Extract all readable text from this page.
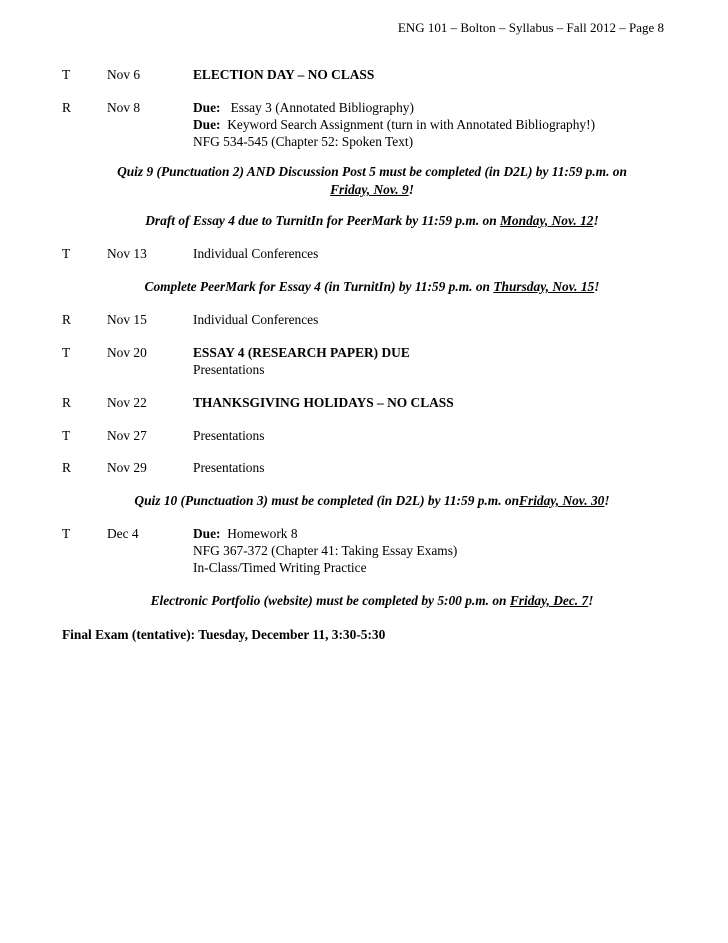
ENG 101 – Bolton – Syllabus – Fall 2012 – Page 8
T	Nov 6	ELECTION DAY – NO CLASS
R	Nov 8	Due: Essay 3 (Annotated Bibliography)
Due: Keyword Search Assignment (turn in with Annotated Bibliography!)
NFG 534-545 (Chapter 52: Spoken Text)
Quiz 9 (Punctuation 2) AND Discussion Post 5 must be completed (in D2L) by 11:59 p.m. on
Friday, Nov. 9!
Draft of Essay 4 due to TurnitIn for PeerMark by 11:59 p.m. on Monday, Nov. 12!
T	Nov 13	Individual Conferences
Complete PeerMark for Essay 4 (in TurnitIn) by 11:59 p.m. on Thursday, Nov. 15!
R	Nov 15	Individual Conferences
T	Nov 20	ESSAY 4 (RESEARCH PAPER) DUE
Presentations
R	Nov 22	THANKSGIVING HOLIDAYS – NO CLASS
T	Nov 27	Presentations
R	Nov 29	Presentations
Quiz 10 (Punctuation 3) must be completed (in D2L) by 11:59 p.m. onFriday, Nov. 30!
T	Dec 4	Due: Homework 8
NFG 367-372 (Chapter 41: Taking Essay Exams)
In-Class/Timed Writing Practice
Electronic Portfolio (website) must be completed by 5:00 p.m. on Friday, Dec. 7!
Final Exam (tentative): Tuesday, December 11, 3:30-5:30
